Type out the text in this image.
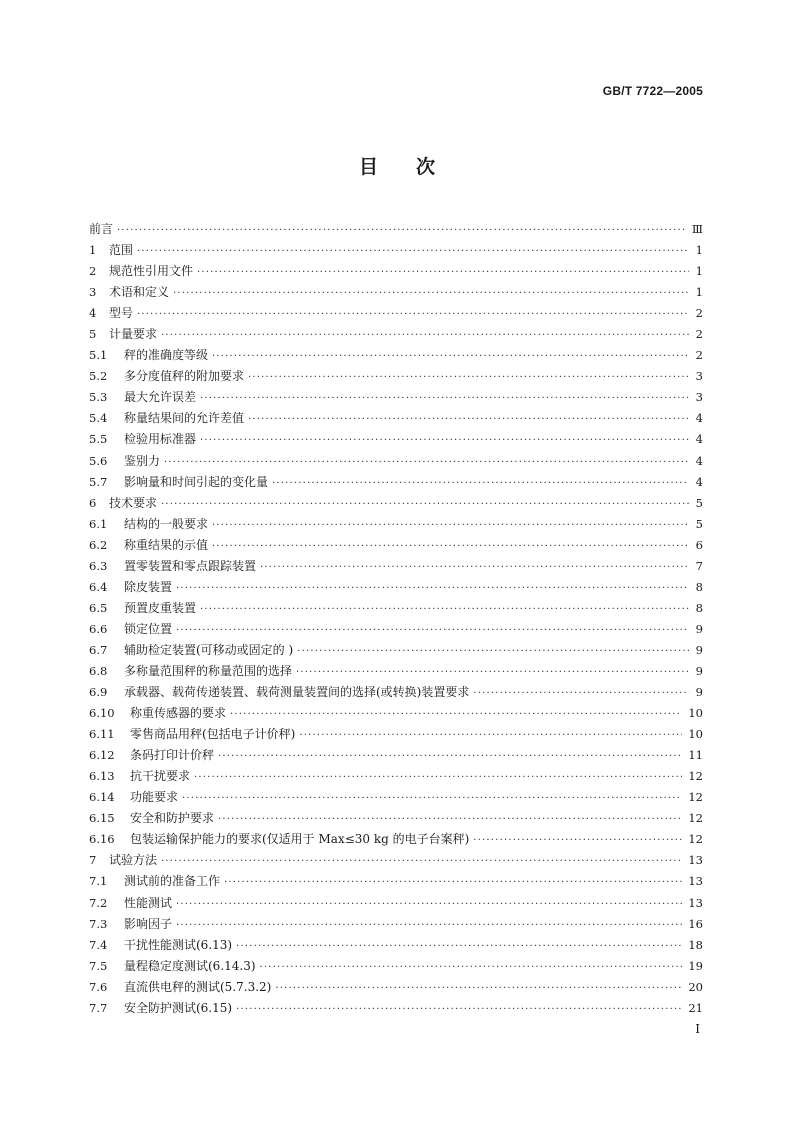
GB/T 7722—2005
目 次
前言 ·····	Ⅲ
1	范围 ·····	1
2	规范性引用文件 ·····	1
3	术语和定义 ·····	1
4	型号 ·····	2
5	计量要求 ·····	2
5.1	秤的准确度等级 ·····	2
5.2	多分度值秤的附加要求 ·····	3
5.3	最大允许误差 ·····	3
5.4	称量结果间的允许差值 ·····	4
5.5	检验用标准器 ·····	4
5.6	鉴别力 ·····	4
5.7	影响量和时间引起的变化量 ·····	4
6	技术要求 ·····	5
6.1	结构的一般要求 ·····	5
6.2	称重结果的示值 ·····	6
6.3	置零装置和零点跟踪装置 ·····	7
6.4	除皮装置 ·····	8
6.5	预置皮重装置 ·····	8
6.6	锁定位置 ·····	9
6.7	辅助检定装置(可移动或固定的 ) ·····	9
6.8	多称量范围秤的称量范围的选择 ·····	9
6.9	承载器、载荷传递装置、载荷测量装置间的选择(或转换)装置要求 ·····	9
6.10	称重传感器的要求 ·····	10
6.11	零售商品用秤(包括电子计价秤) ·····	10
6.12	条码打印计价秤 ·····	11
6.13	抗干扰要求 ·····	12
6.14	功能要求 ·····	12
6.15	安全和防护要求 ·····	12
6.16	包装运输保护能力的要求(仅适用于 Max≤30 kg 的电子台案秤) ·····	12
7	试验方法 ·····	13
7.1	测试前的准备工作 ·····	13
7.2	性能测试 ·····	13
7.3	影响因子 ·····	16
7.4	干扰性能测试(6.13) ·····	18
7.5	量程稳定度测试(6.14.3) ·····	19
7.6	直流供电秤的测试(5.7.3.2) ·····	20
7.7	安全防护测试(6.15) ·····	21
I
